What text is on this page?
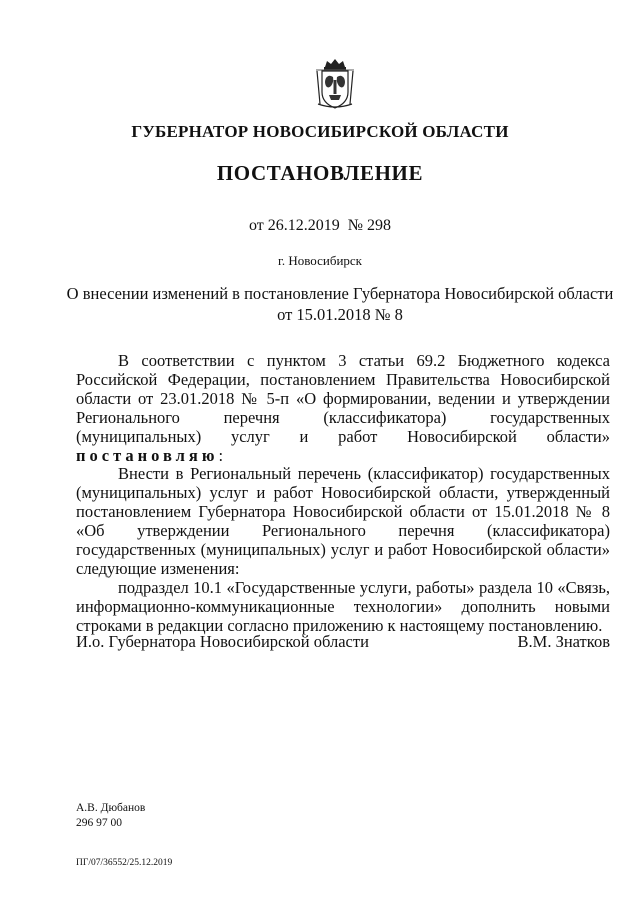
ГУБЕРНАТОР НОВОСИБИРСКОЙ ОБЛАСТИ
ПОСТАНОВЛЕНИЕ
от 26.12.2019 № 298
г. Новосибирск
О внесении изменений в постановление Губернатора Новосибирской области
от 15.01.2018 № 8

В соответствии с пунктом 3 статьи 69.2 Бюджетного кодекса Российской Федерации, постановлением Правительства Новосибирской области от 23.01.2018 № 5-п «О формировании, ведении и утверждении Регионального перечня (классификатора) государственных (муниципальных) услуг и работ Новосибирской области» постановляю:

Внести в Региональный перечень (классификатор) государственных (муниципальных) услуг и работ Новосибирской области, утвержденный постановлением Губернатора Новосибирской области от 15.01.2018 № 8 «Об утверждении Регионального перечня (классификатора) государственных (муниципальных) услуг и работ Новосибирской области» следующие изменения:

подраздел 10.1 «Государственные услуги, работы» раздела 10 «Связь, информационно-коммуникационные технологии» дополнить новыми строками в редакции согласно приложению к настоящему постановлению.

И.о. Губернатора Новосибирской области	В.М. Знатков
А.В. Дюбанов
296 97 00
ПГ/07/36552/25.12.2019
